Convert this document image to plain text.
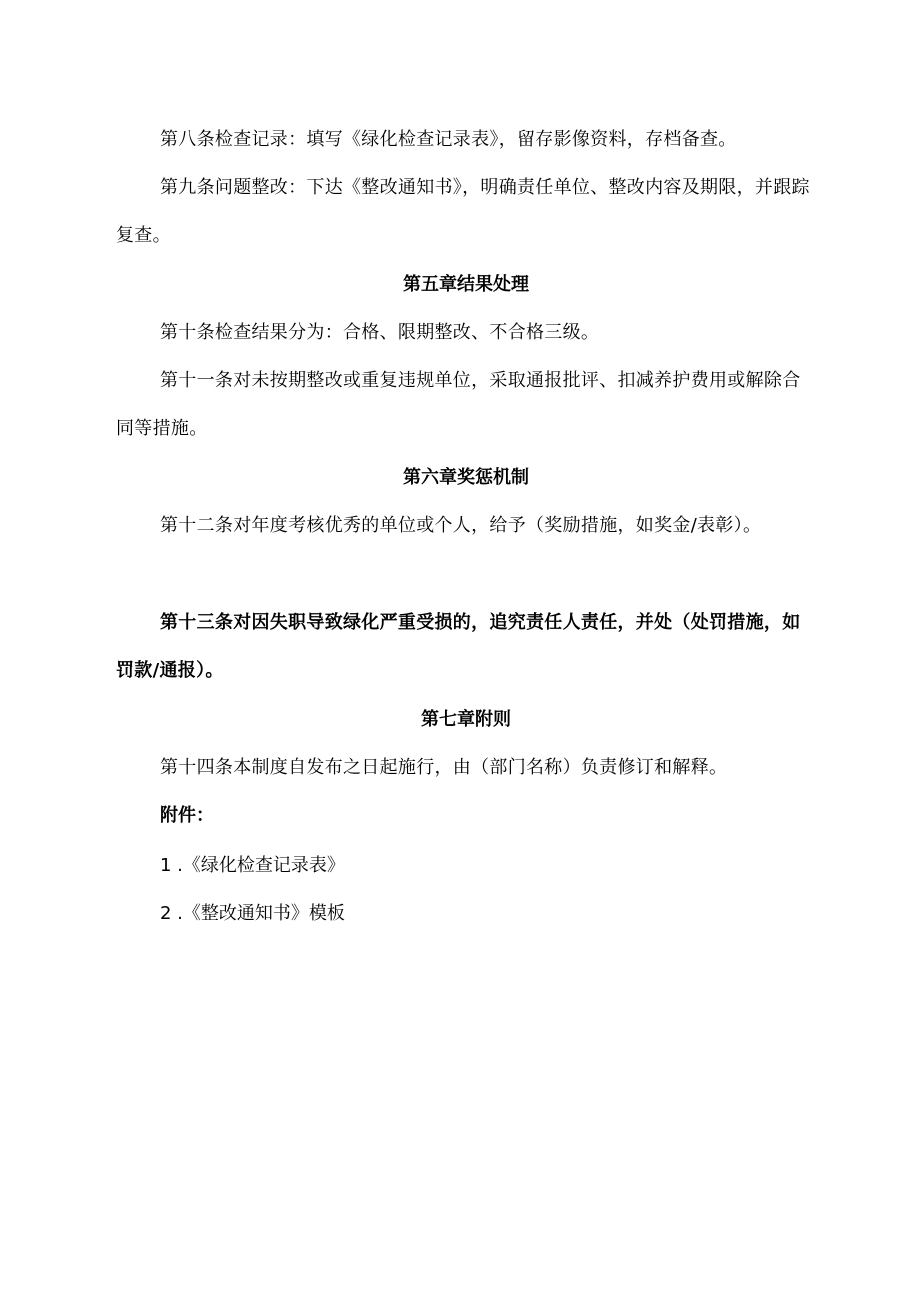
第八条检查记录：填写《绿化检查记录表》，留存影像资料，存档备查。
第九条问题整改：下达《整改通知书》，明确责任单位、整改内容及期限，并跟踪复查。
第五章结果处理
第十条检查结果分为：合格、限期整改、不合格三级。
第十一条对未按期整改或重复违规单位，采取通报批评、扣减养护费用或解除合同等措施。
第六章奖惩机制
第十二条对年度考核优秀的单位或个人，给予（奖励措施，如奖金/表彰）。
第十三条对因失职导致绿化严重受损的，追究责任人责任，并处（处罚措施，如罚款/通报）。
第七章附则
第十四条本制度自发布之日起施行，由（部门名称）负责修订和解释。
附件：
1 .《绿化检查记录表》
2 .《整改通知书》模板
